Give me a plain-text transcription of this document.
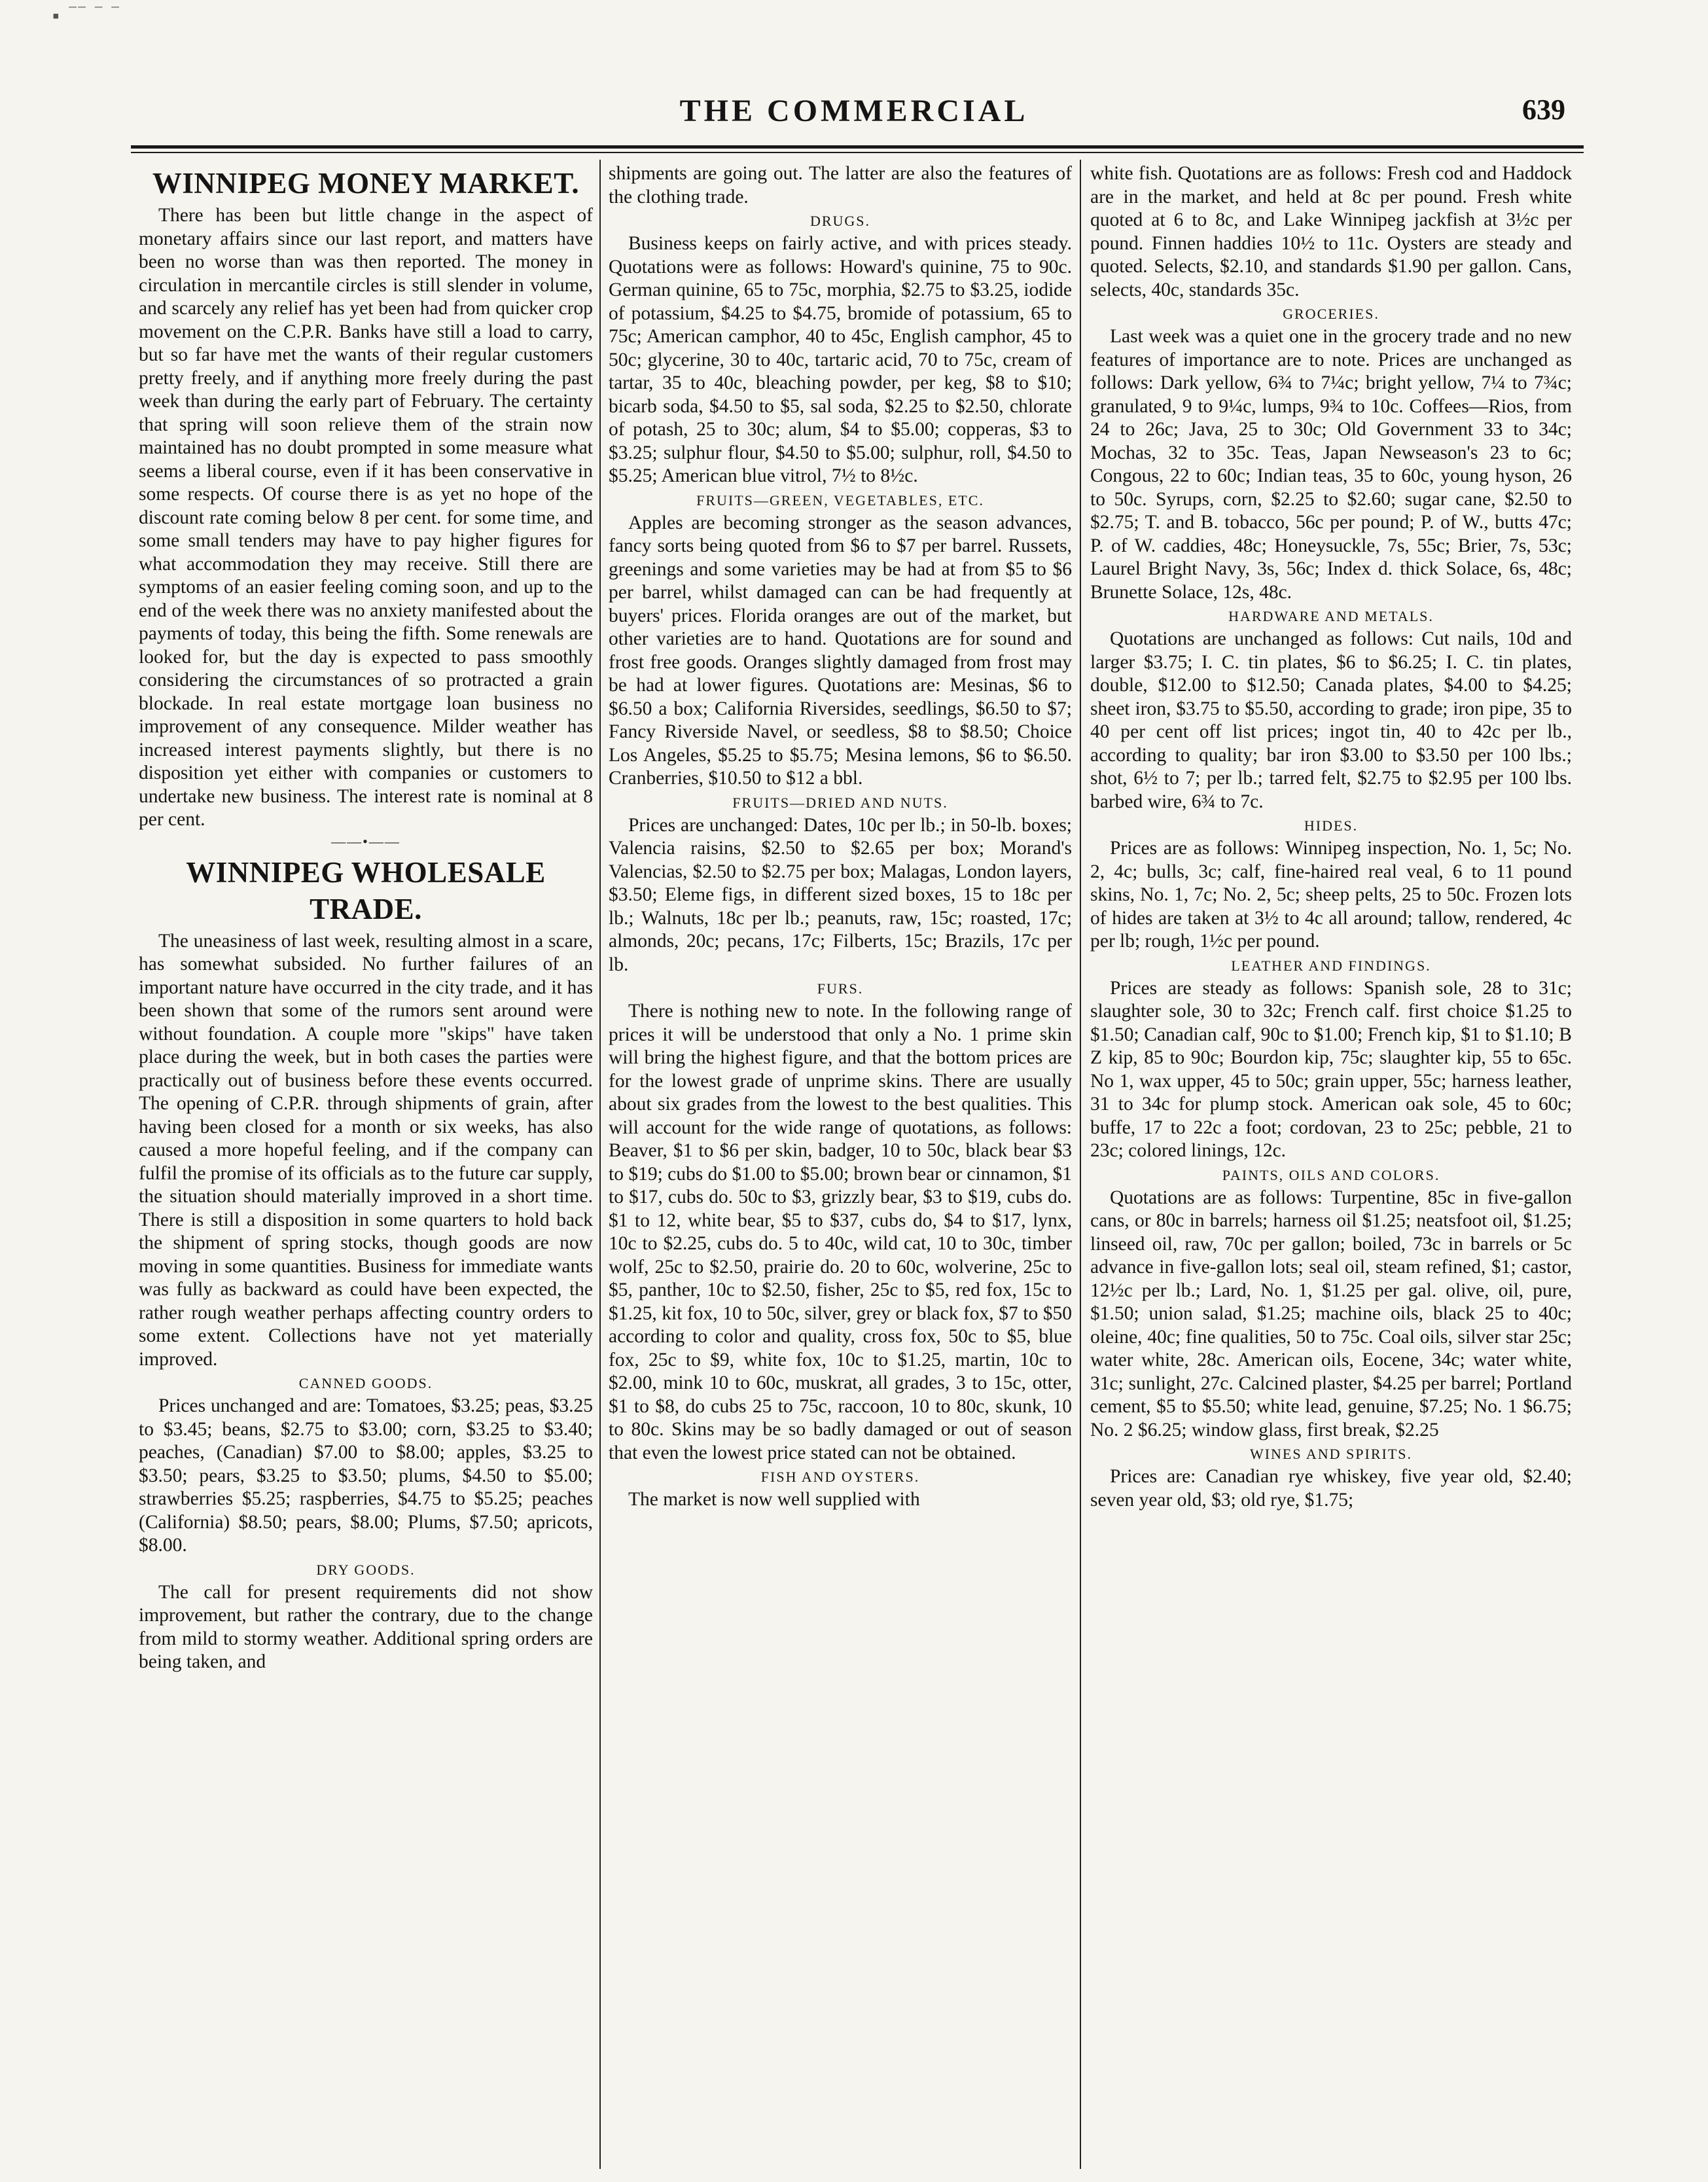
▪ ‾‾ ‾ ‾
THE COMMERCIAL	639
WINNIPEG MONEY MARKET.

There has been but little change in the aspect of monetary affairs since our last report, and matters have been no worse than was then reported. The money in circulation in mercantile circles is still slender in volume, and scarcely any relief has yet been had from quicker crop movement on the C.P.R. Banks have still a load to carry, but so far have met the wants of their regular customers pretty freely, and if anything more freely during the past week than during the early part of February. The certainty that spring will soon relieve them of the strain now maintained has no doubt prompted in some measure what seems a liberal course, even if it has been conservative in some respects. Of course there is as yet no hope of the discount rate coming below 8 per cent. for some time, and some small tenders may have to pay higher figures for what accommodation they may receive. Still there are symptoms of an easier feeling coming soon, and up to the end of the week there was no anxiety manifested about the payments of today, this being the fifth. Some renewals are looked for, but the day is expected to pass smoothly considering the circumstances of so protracted a grain blockade. In real estate mortgage loan business no improvement of any consequence. Milder weather has increased interest payments slightly, but there is no disposition yet either with companies or customers to undertake new business. The interest rate is nominal at 8 per cent.

——•——
WINNIPEG WHOLESALE TRADE.

The uneasiness of last week, resulting almost in a scare, has somewhat subsided. No further failures of an important nature have occurred in the city trade, and it has been shown that some of the rumors sent around were without foundation. A couple more "skips" have taken place during the week, but in both cases the parties were practically out of business before these events occurred. The opening of C.P.R. through shipments of grain, after having been closed for a month or six weeks, has also caused a more hopeful feeling, and if the company can fulfil the promise of its officials as to the future car supply, the situation should materially improved in a short time. There is still a disposition in some quarters to hold back the shipment of spring stocks, though goods are now moving in some quantities. Business for immediate wants was fully as backward as could have been expected, the rather rough weather perhaps affecting country orders to some extent. Collections have not yet materially improved.

CANNED GOODS.

Prices unchanged and are: Tomatoes, $3.25; peas, $3.25 to $3.45; beans, $2.75 to $3.00; corn, $3.25 to $3.40; peaches, (Canadian) $7.00 to $8.00; apples, $3.25 to $3.50; pears, $3.25 to $3.50; plums, $4.50 to $5.00; strawberries $5.25; raspberries, $4.75 to $5.25; peaches (California) $8.50; pears, $8.00; Plums, $7.50; apricots, $8.00.

DRY GOODS.

The call for present requirements did not show improvement, but rather the contrary, due to the change from mild to stormy weather. Additional spring orders are being taken, and

shipments are going out. The latter are also the features of the clothing trade.

DRUGS.

Business keeps on fairly active, and with prices steady. Quotations were as follows: Howard's quinine, 75 to 90c. German quinine, 65 to 75c, morphia, $2.75 to $3.25, iodide of potassium, $4.25 to $4.75, bromide of potassium, 65 to 75c; American camphor, 40 to 45c, English camphor, 45 to 50c; glycerine, 30 to 40c, tartaric acid, 70 to 75c, cream of tartar, 35 to 40c, bleaching powder, per keg, $8 to $10; bicarb soda, $4.50 to $5, sal soda, $2.25 to $2.50, chlorate of potash, 25 to 30c; alum, $4 to $5.00; copperas, $3 to $3.25; sulphur flour, $4.50 to $5.00; sulphur, roll, $4.50 to $5.25; American blue vitrol, 7½ to 8½c.

FRUITS—GREEN, VEGETABLES, ETC.

Apples are becoming stronger as the season advances, fancy sorts being quoted from $6 to $7 per barrel. Russets, greenings and some varieties may be had at from $5 to $6 per barrel, whilst damaged can can be had frequently at buyers' prices. Florida oranges are out of the market, but other varieties are to hand. Quotations are for sound and frost free goods. Oranges slightly damaged from frost may be had at lower figures. Quotations are: Mesinas, $6 to $6.50 a box; California Riversides, seedlings, $6.50 to $7; Fancy Riverside Navel, or seedless, $8 to $8.50; Choice Los Angeles, $5.25 to $5.75; Mesina lemons, $6 to $6.50. Cranberries, $10.50 to $12 a bbl.

FRUITS—DRIED AND NUTS.

Prices are unchanged: Dates, 10c per lb.; in 50-lb. boxes; Valencia raisins, $2.50 to $2.65 per box; Morand's Valencias, $2.50 to $2.75 per box; Malagas, London layers, $3.50; Eleme figs, in different sized boxes, 15 to 18c per lb.; Walnuts, 18c per lb.; peanuts, raw, 15c; roasted, 17c; almonds, 20c; pecans, 17c; Filberts, 15c; Brazils, 17c per lb.

FURS.

There is nothing new to note. In the following range of prices it will be understood that only a No. 1 prime skin will bring the highest figure, and that the bottom prices are for the lowest grade of unprime skins. There are usually about six grades from the lowest to the best qualities. This will account for the wide range of quotations, as follows: Beaver, $1 to $6 per skin, badger, 10 to 50c, black bear $3 to $19; cubs do $1.00 to $5.00; brown bear or cinnamon, $1 to $17, cubs do. 50c to $3, grizzly bear, $3 to $19, cubs do. $1 to 12, white bear, $5 to $37, cubs do, $4 to $17, lynx, 10c to $2.25, cubs do. 5 to 40c, wild cat, 10 to 30c, timber wolf, 25c to $2.50, prairie do. 20 to 60c, wolverine, 25c to $5, panther, 10c to $2.50, fisher, 25c to $5, red fox, 15c to $1.25, kit fox, 10 to 50c, silver, grey or black fox, $7 to $50 according to color and quality, cross fox, 50c to $5, blue fox, 25c to $9, white fox, 10c to $1.25, martin, 10c to $2.00, mink 10 to 60c, muskrat, all grades, 3 to 15c, otter, $1 to $8, do cubs 25 to 75c, raccoon, 10 to 80c, skunk, 10 to 80c. Skins may be so badly damaged or out of season that even the lowest price stated can not be obtained.

FISH AND OYSTERS.

The market is now well supplied with

white fish. Quotations are as follows: Fresh cod and Haddock are in the market, and held at 8c per pound. Fresh white quoted at 6 to 8c, and Lake Winnipeg jackfish at 3½c per pound. Finnen haddies 10½ to 11c. Oysters are steady and quoted. Selects, $2.10, and standards $1.90 per gallon. Cans, selects, 40c, standards 35c.

GROCERIES.

Last week was a quiet one in the grocery trade and no new features of importance are to note. Prices are unchanged as follows: Dark yellow, 6¾ to 7¼c; bright yellow, 7¼ to 7¾c; granulated, 9 to 9¼c, lumps, 9¾ to 10c. Coffees—Rios, from 24 to 26c; Java, 25 to 30c; Old Government 33 to 34c; Mochas, 32 to 35c. Teas, Japan Newseason's 23 to 6c; Congous, 22 to 60c; Indian teas, 35 to 60c, young hyson, 26 to 50c. Syrups, corn, $2.25 to $2.60; sugar cane, $2.50 to $2.75; T. and B. tobacco, 56c per pound; P. of W., butts 47c; P. of W. caddies, 48c; Honeysuckle, 7s, 55c; Brier, 7s, 53c; Laurel Bright Navy, 3s, 56c; Index d. thick Solace, 6s, 48c; Brunette Solace, 12s, 48c.

HARDWARE AND METALS.

Quotations are unchanged as follows: Cut nails, 10d and larger $3.75; I. C. tin plates, $6 to $6.25; I. C. tin plates, double, $12.00 to $12.50; Canada plates, $4.00 to $4.25; sheet iron, $3.75 to $5.50, according to grade; iron pipe, 35 to 40 per cent off list prices; ingot tin, 40 to 42c per lb., according to quality; bar iron $3.00 to $3.50 per 100 lbs.; shot, 6½ to 7; per lb.; tarred felt, $2.75 to $2.95 per 100 lbs. barbed wire, 6¾ to 7c.

HIDES.

Prices are as follows: Winnipeg inspection, No. 1, 5c; No. 2, 4c; bulls, 3c; calf, fine-haired real veal, 6 to 11 pound skins, No. 1, 7c; No. 2, 5c; sheep pelts, 25 to 50c. Frozen lots of hides are taken at 3½ to 4c all around; tallow, rendered, 4c per lb; rough, 1½c per pound.

LEATHER AND FINDINGS.

Prices are steady as follows: Spanish sole, 28 to 31c; slaughter sole, 30 to 32c; French calf. first choice $1.25 to $1.50; Canadian calf, 90c to $1.00; French kip, $1 to $1.10; B Z kip, 85 to 90c; Bourdon kip, 75c; slaughter kip, 55 to 65c. No 1, wax upper, 45 to 50c; grain upper, 55c; harness leather, 31 to 34c for plump stock. American oak sole, 45 to 60c; buffe, 17 to 22c a foot; cordovan, 23 to 25c; pebble, 21 to 23c; colored linings, 12c.

PAINTS, OILS AND COLORS.

Quotations are as follows: Turpentine, 85c in five-gallon cans, or 80c in barrels; harness oil $1.25; neatsfoot oil, $1.25; linseed oil, raw, 70c per gallon; boiled, 73c in barrels or 5c advance in five-gallon lots; seal oil, steam refined, $1; castor, 12½c per lb.; Lard, No. 1, $1.25 per gal. olive, oil, pure, $1.50; union salad, $1.25; machine oils, black 25 to 40c; oleine, 40c; fine qualities, 50 to 75c. Coal oils, silver star 25c; water white, 28c. American oils, Eocene, 34c; water white, 31c; sunlight, 27c. Calcined plaster, $4.25 per barrel; Portland cement, $5 to $5.50; white lead, genuine, $7.25; No. 1 $6.75; No. 2 $6.25; window glass, first break, $2.25

WINES AND SPIRITS.

Prices are: Canadian rye whiskey, five year old, $2.40; seven year old, $3; old rye, $1.75;
